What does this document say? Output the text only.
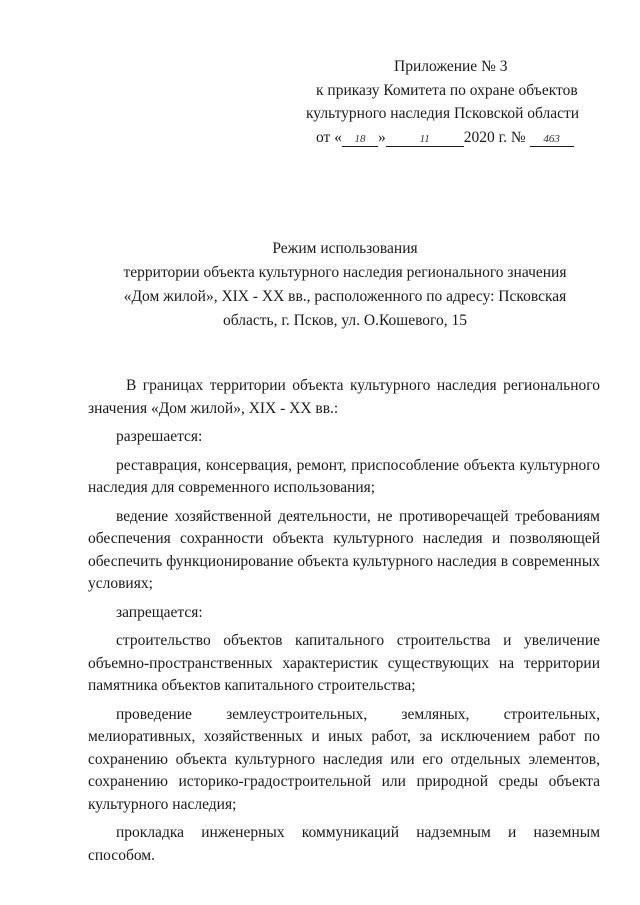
Приложение № 3
к приказу Комитета по охране объектов
культурного наследия Псковской области
от « 18 »	11 2020 г. № 463
Режим использования
территории объекта культурного наследия регионального значения
«Дом жилой», XIX - XX вв., расположенного по адресу: Псковская
область, г. Псков, ул. О.Кошевого, 15

В границах территории объекта культурного наследия регионального значения «Дом жилой», XIX - XX вв.:

разрешается:

реставрация, консервация, ремонт, приспособление объекта культурного наследия для современного использования;

ведение хозяйственной деятельности, не противоречащей требованиям обеспечения сохранности объекта культурного наследия и позволяющей обеспечить функционирование объекта культурного наследия в современных условиях;

запрещается:

строительство объектов капитального строительства и увеличение объемно-пространственных характеристик существующих на территории памятника объектов капитального строительства;

проведение землеустроительных, земляных, строительных, мелиоративных, хозяйственных и иных работ, за исключением работ по сохранению объекта культурного наследия или его отдельных элементов, сохранению историко-градостроительной или природной среды объекта культурного наследия;

прокладка инженерных коммуникаций надземным и наземным способом.
